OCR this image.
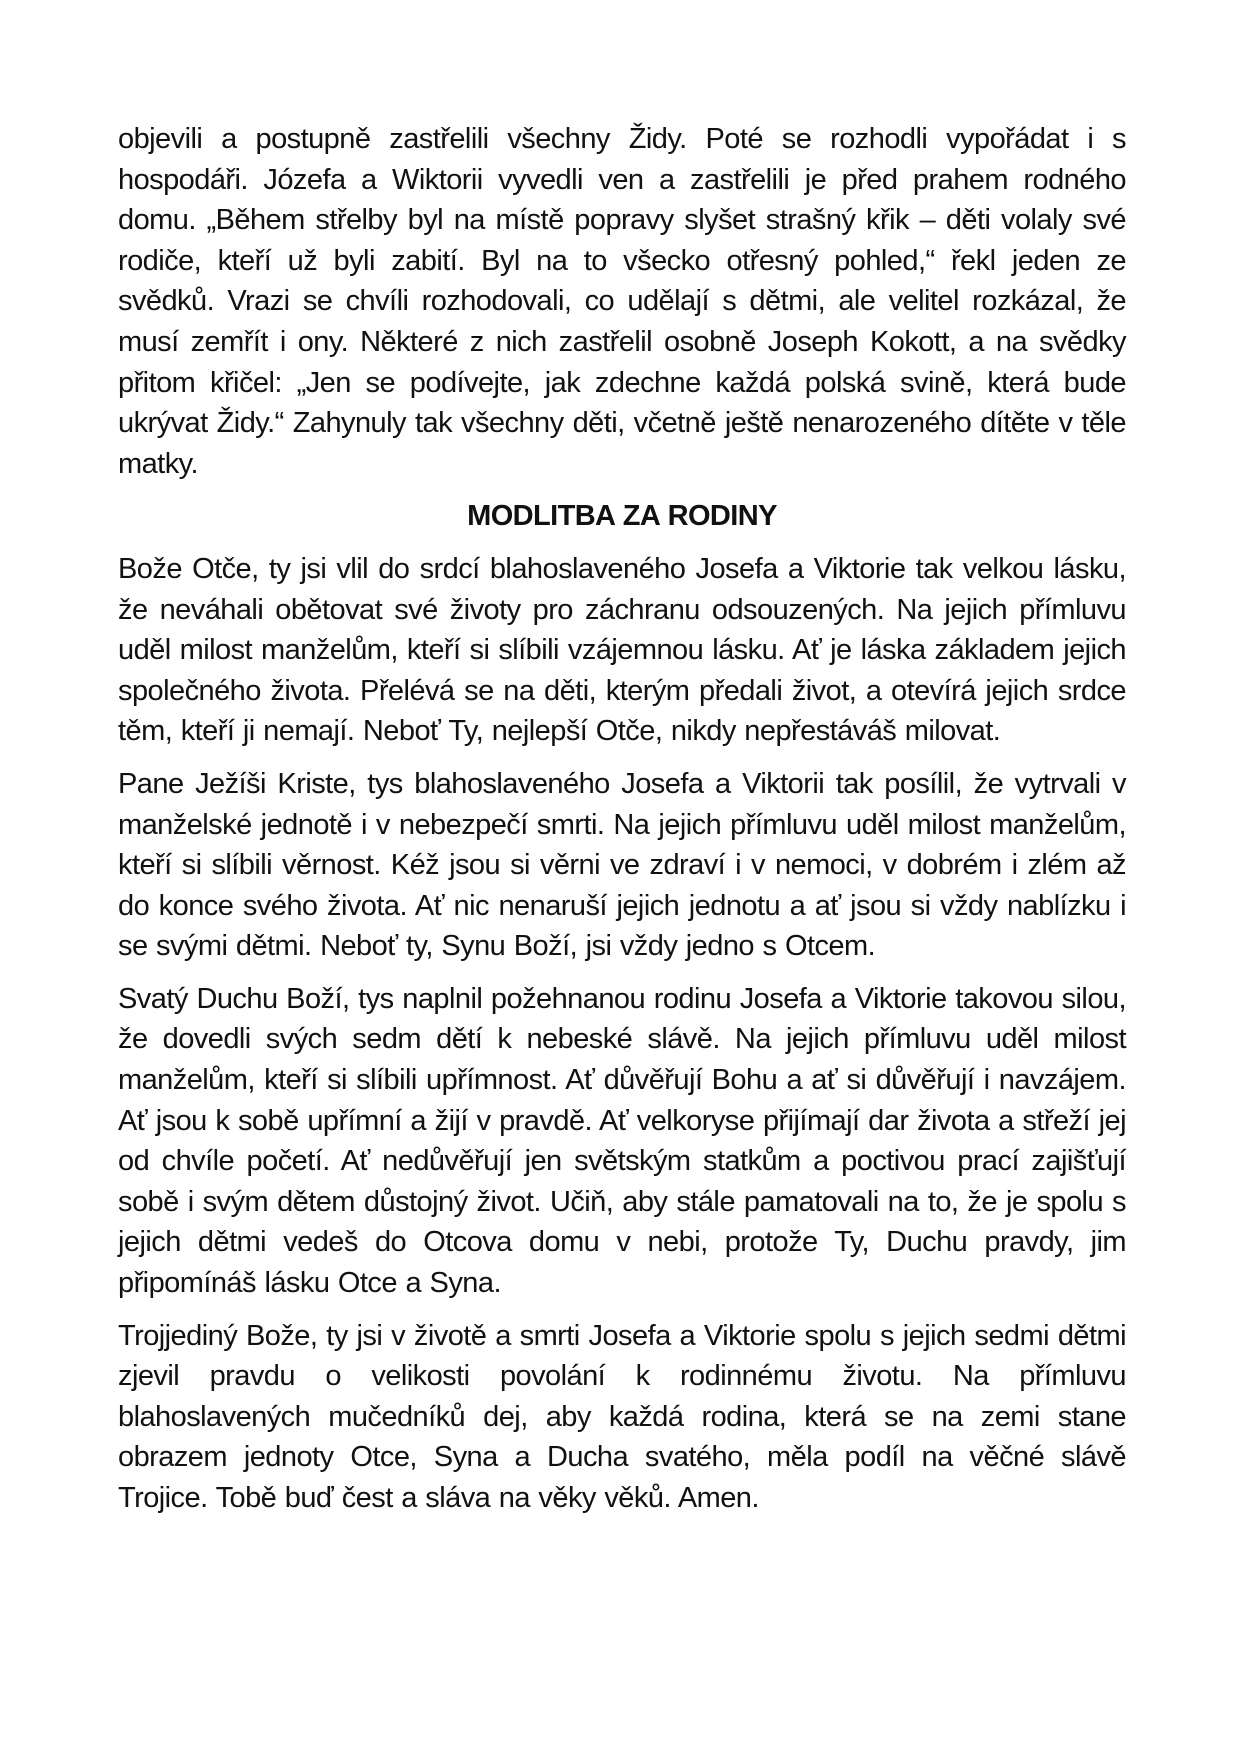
objevili a postupně zastřelili všechny Židy. Poté se rozhodli vypořádat i s hospodáři. Józefa a Wiktorii vyvedli ven a zastřelili je před prahem rodného domu. „Během střelby byl na místě popravy slyšet strašný křik – děti volaly své rodiče, kteří už byli zabití. Byl na to všecko otřesný pohled,“ řekl jeden ze svědků. Vrazi se chvíli rozhodovali, co udělají s dětmi, ale velitel rozkázal, že musí zemřít i ony. Některé z nich zastřelil osobně Joseph Kokott, a na svědky přitom křičel: „Jen se podívejte, jak zdechne každá polská svině, která bude ukrývat Židy.“ Zahynuly tak všechny děti, včetně ještě nenarozeného dítěte v těle matky.

MODLITBA ZA RODINY

Bože Otče, ty jsi vlil do srdcí blahoslaveného Josefa a Viktorie tak velkou lásku, že neváhali obětovat své životy pro záchranu odsouzených. Na jejich přímluvu uděl milost manželům, kteří si slíbili vzájemnou lásku. Ať je láska základem jejich společného života. Přelévá se na děti, kterým předali život, a otevírá jejich srdce těm, kteří ji nemají. Neboť Ty, nejlepší Otče, nikdy nepřestáváš milovat.

Pane Ježíši Kriste, tys blahoslaveného Josefa a Viktorii tak posílil, že vytrvali v manželské jednotě i v nebezpečí smrti. Na jejich přímluvu uděl milost manželům, kteří si slíbili věrnost. Kéž jsou si věrni ve zdraví i v nemoci, v dobrém i zlém až do konce svého života. Ať nic nenaruší jejich jednotu a ať jsou si vždy nablízku i se svými dětmi. Neboť ty, Synu Boží, jsi vždy jedno s Otcem.

Svatý Duchu Boží, tys naplnil požehnanou rodinu Josefa a Viktorie takovou silou, že dovedli svých sedm dětí k nebeské slávě. Na jejich přímluvu uděl milost manželům, kteří si slíbili upřímnost. Ať důvěřují Bohu a ať si důvěřují i navzájem. Ať jsou k sobě upřímní a žijí v pravdě. Ať velkoryse přijímají dar života a střeží jej od chvíle početí. Ať nedůvěřují jen světským statkům a poctivou prací zajišťují sobě i svým dětem důstojný život. Učiň, aby stále pamatovali na to, že je spolu s jejich dětmi vedeš do Otcova domu v nebi, protože Ty, Duchu pravdy, jim připomínáš lásku Otce a Syna.

Trojjediný Bože, ty jsi v životě a smrti Josefa a Viktorie spolu s jejich sedmi dětmi zjevil pravdu o velikosti povolání k rodinnému životu. Na přímluvu blahoslavených mučedníků dej, aby každá rodina, která se na zemi stane obrazem jednoty Otce, Syna a Ducha svatého, měla podíl na věčné slávě Trojice. Tobě buď čest a sláva na věky věků. Amen.
